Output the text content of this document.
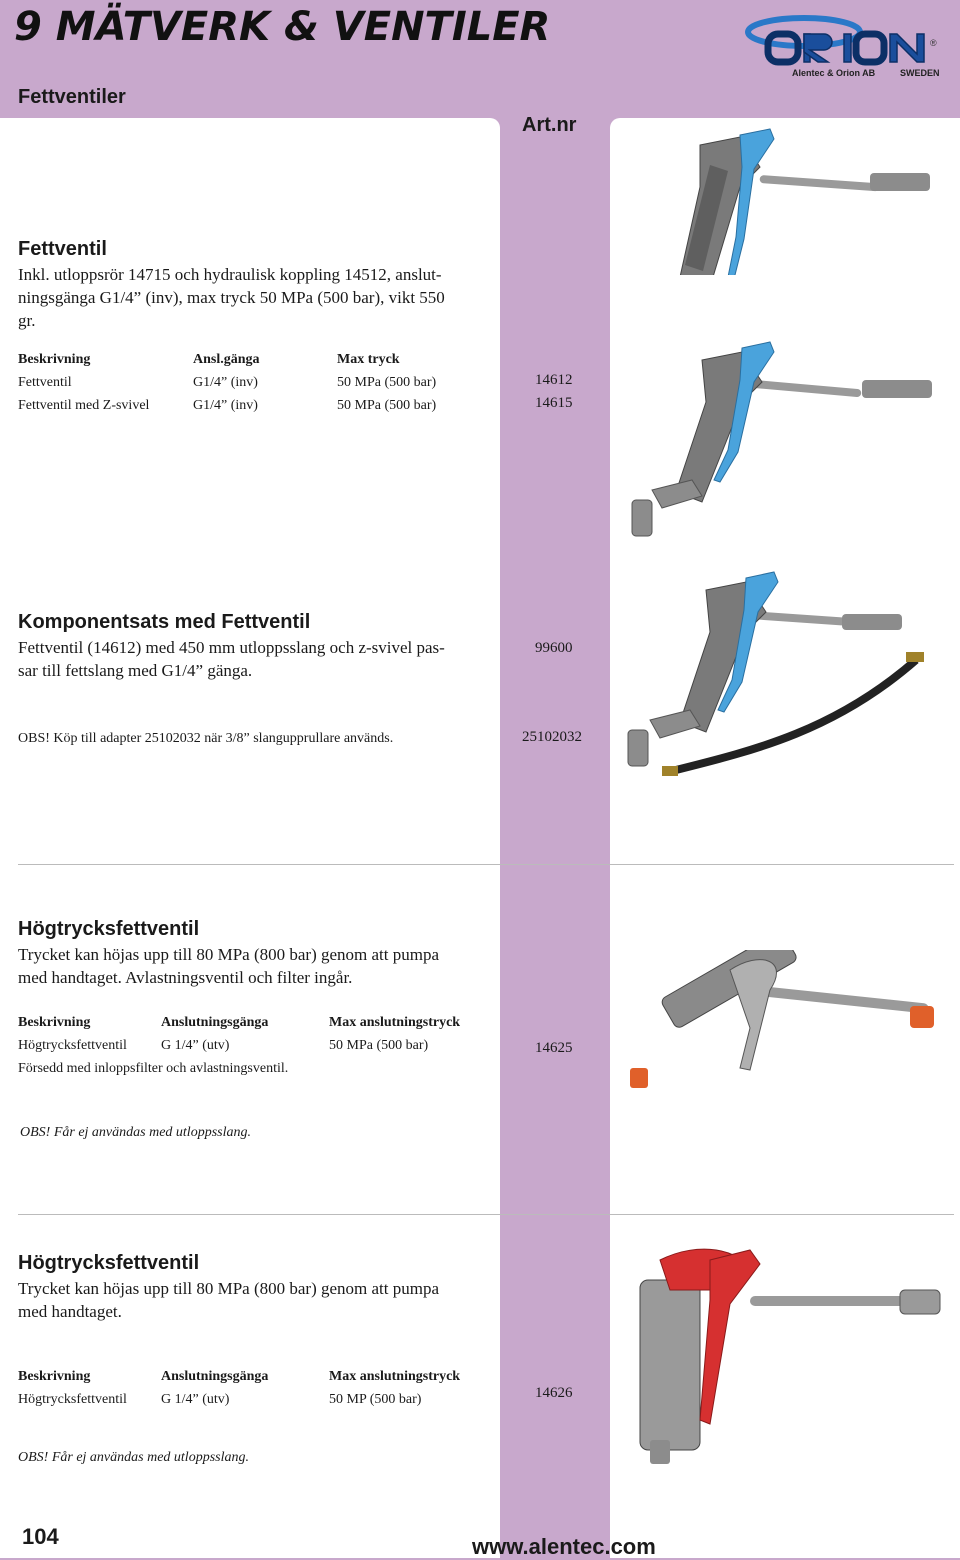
9 MÄTVERK & VENTILER	®
Alentec & Orion AB	SWEDEN
Fettventiler
Art.nr
Fettventil
Inkl. utloppsrör 14715 och hydraulisk koppling 14512, anslut-
ningsgänga G1/4” (inv), max tryck 50 MPa (500 bar), vikt 550
gr.
Beskrivning	Ansl.gänga	Max tryck
Fettventil	G1/4” (inv)	50 MPa (500 bar)	14612
Fettventil med Z-svivel	G1/4” (inv)	50 MPa (500 bar)	14615
Komponentsats med Fettventil
Fettventil (14612) med 450 mm utloppsslang och z-svivel pas-
sar till fettslang med G1/4” gänga.
99600
OBS! Köp till adapter 25102032 när 3/8” slangupprullare används.	25102032
Högtrycksfettventil
Trycket kan höjas upp till 80 MPa (800 bar) genom att pumpa
med handtaget. Avlastningsventil och filter ingår.
Beskrivning	Anslutningsgänga	Max anslutningstryck
Högtrycksfettventil G 1/4” (utv)	50 MPa (500 bar)	14625
Försedd med inloppsfilter och avlastningsventil.
OBS! Får ej användas med utloppsslang.
Högtrycksfettventil
Trycket kan höjas upp till 80 MPa (800 bar) genom att pumpa
med handtaget.
Beskrivning	Anslutningsgänga	Max anslutningstryck
Högtrycksfettventil G 1/4” (utv)	50 MP (500 bar)	14626
OBS! Får ej användas med utloppsslang.
104	www.alentec.com
